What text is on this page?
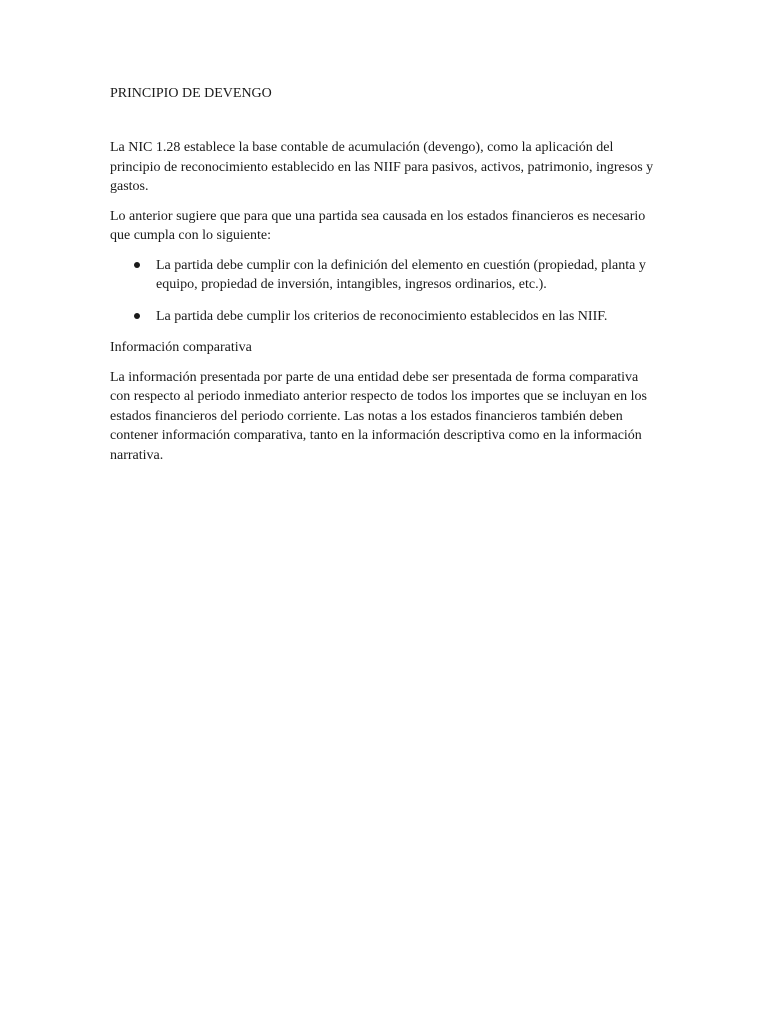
PRINCIPIO DE DEVENGO

La NIC 1.28 establece la base contable de acumulación (devengo), como la aplicación del principio de reconocimiento establecido en las NIIF para pasivos, activos, patrimonio, ingresos y gastos.

Lo anterior sugiere que para que una partida sea causada en los estados financieros es necesario que cumpla con lo siguiente:

La partida debe cumplir con la definición del elemento en cuestión (propiedad, planta y equipo, propiedad de inversión, intangibles, ingresos ordinarios, etc.).
La partida debe cumplir los criterios de reconocimiento establecidos en las NIIF.
Información comparativa

La información presentada por parte de una entidad debe ser presentada de forma comparativa con respecto al periodo inmediato anterior respecto de todos los importes que se incluyan en los estados financieros del periodo corriente. Las notas a los estados financieros también deben contener información comparativa, tanto en la información descriptiva como en la información narrativa.
